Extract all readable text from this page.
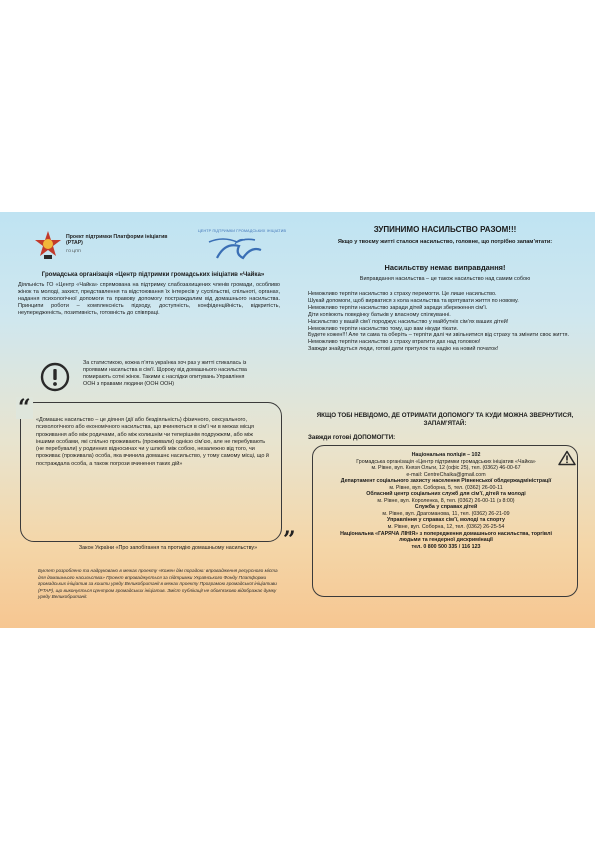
Проект підтримки Платформи ініціатив (PTAP)
ГО ЦПГІ
ЦЕНТР ПІДТРИМКИ ГРОМАДСЬКИХ ІНІЦІАТИВ
Громадська організація «Центр підтримки громадських ініціатив «Чайка»
Діяльність ГО «Центр «Чайка» спрямована на підтримку слабозахищених членів громади, особливо жінок та молоді, захист, представлення та відстоювання їх інтересів у суспільстві, спільноті, органах, надання психологічної допомоги та правову допомогу постраждалим від домашнього насильства. Принципи роботи – комплексність підходу, доступність, конфіденційність, відкритість, неупередженість, позитивність, готовність до співпраці.
За статистикою, кожна п’ята українка хоч раз у житті стикалась із проявами насильства в сім’ї. Щороку від домашнього насильства помирають сотні жінок. Такими є наслідки опитувань Управління ООН з правами людини (ООН ООН)
“ «Домашнє насильство – це діяння (дії або бездіяльність) фізичного, сексуального, психологічного або економічного насильства, що вчиняються в сім’ї чи в межах місця проживання або між родичами, або між колишнім чи теперішнім подружжям, або між іншими особами, які спільно проживають (проживали) однією сім’єю, але не перебувають (не перебували) у родинних відносинах чи у шлюбі між собою, незалежно від того, чи проживає (проживала) особа, яка вчинила домашнє насильство, у тому самому місці, що й постраждала особа, а також погрози вчинення таких дій»
”
Закон України «Про запобігання та протидію домашньому насильству»
Буклет розроблено та надруковано в межах проекту «Кожен дім порадою: впровадження ресурсного міста для домашнього насильства» Проект впроваджується за підтримки Українського Фонду Платформи громадських ініціатив за кошти уряду Великобританії в межах проекту Програмою громадської ініціативи (PTAP), що виконується Центром громадських ініціатив. Зміст публікації не обов’язково відображає думку уряду Великобританії.
ЗУПИНИМО НАСИЛЬСТВО РАЗОМ!!!
Якщо у твоєму житті сталося насильство, головне, що потрібно запам’ятати:
Насильству немає виправдання!
Виправдання насильства – це також насильство над самим собою
Неможливо терпіти насильство з страху перемогти. Це лише насильство.
Шукай допомоги, щоб вирватися з кола насильства та врятувати життя по новому.
Неможливо терпіти насильство заради дітей заради збереження сім’ї.
Діти копіюють поведінку батьків у власному спілкуванні.
Насильство у вашій сім’ї породжує насильство у майбутніх сім’ях ваших дітей!
Неможливо терпіти насильство тому, що вам нікуди тікати.
Будете кожен!!! Але ти сама та оберіть – терпіти далі чи звільнитися від страху та змінити своє життя.
Неможливо терпіти насильство з страху втратити дах над головою!
Завжди знайдуться люди, готові дати притулок та надію на новий початок!
ЯКЩО ТОБІ НЕВІДОМО, ДЕ ОТРИМАТИ ДОПОМОГУ ТА КУДИ МОЖНА ЗВЕРНУТИСЯ, ЗАПАМ’ЯТАЙ:
Завжди готові ДОПОМОГТИ:
Національна поліція – 102
Громадська організація «Центр підтримки громадських ініціатив «Чайка»
м. Рівне, вул. Князя Ольги, 12 (офіс 25), тел. (0362) 46-00-67
e-mail: CentreChaika@gmail.com
Департамент соціального захисту населення Рівненської облдержадміністрації
м. Рівне, вул. Соборна, 5, тел. (0362) 26-00-11
Обласний центр соціальних служб для сім’ї, дітей та молоді
м. Рівне, вул. Короленка, 8, тел. (0362) 26-00-11 (з 8:00)
Служба у справах дітей
м. Рівне, вул. Драгоманова, 11, тел. (0362) 26-21-09
Управління у справах сім’ї, молоді та спорту
м. Рівне, вул. Соборна, 12, тел. (0362) 26-25-54
Національна «ГАРЯЧА ЛІНІЯ» з попередження домашнього насильства, торгівлі людьми та гендерної дискримінації
тел. 0 800 500 335 / 116 123
